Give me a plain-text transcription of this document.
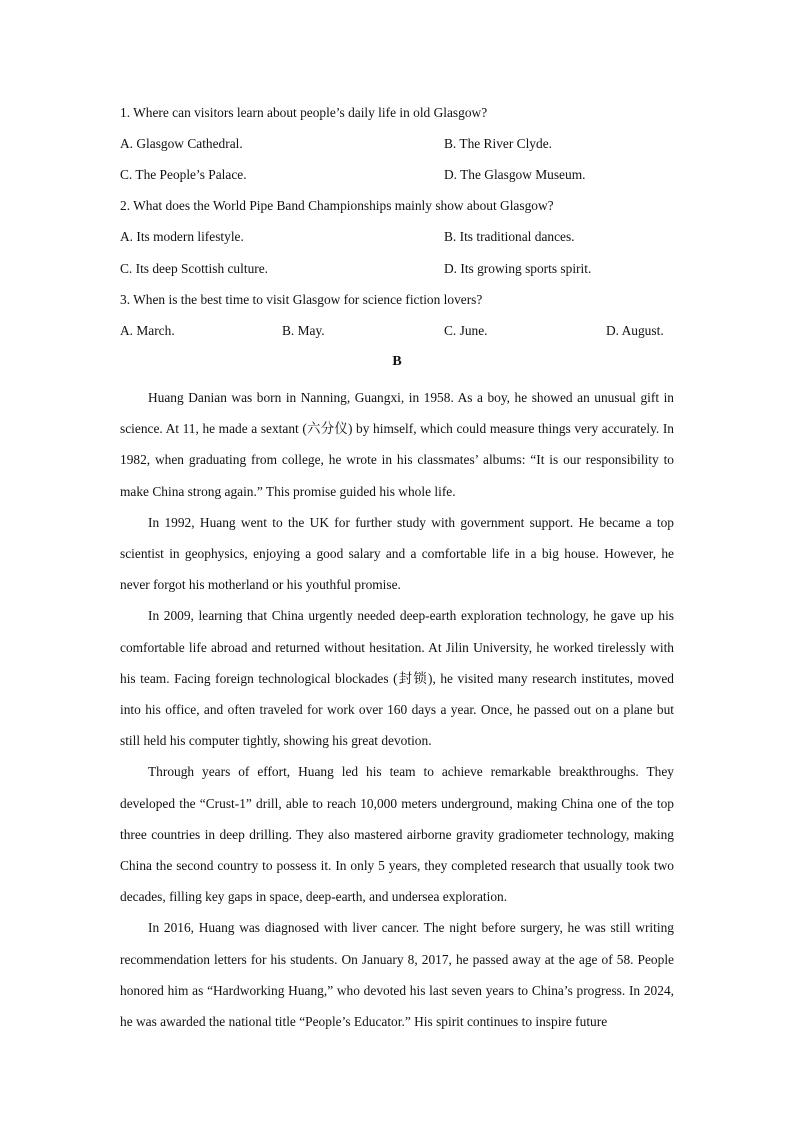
1. Where can visitors learn about people’s daily life in old Glasgow?
A. Glasgow Cathedral.	B. The River Clyde.
C. The People’s Palace.	D. The Glasgow Museum.
2. What does the World Pipe Band Championships mainly show about Glasgow?
A. Its modern lifestyle.	B. Its traditional dances.
C. Its deep Scottish culture.	D. Its growing sports spirit.
3. When is the best time to visit Glasgow for science fiction lovers?
A. March.	B. May.	C. June.	D. August.
B

Huang Danian was born in Nanning, Guangxi, in 1958. As a boy, he showed an unusual gift in science. At 11, he made a sextant (六分仪) by himself, which could measure things very accurately. In 1982, when graduating from college, he wrote in his classmates’ albums: “It is our responsibility to make China strong again.” This promise guided his whole life.

In 1992, Huang went to the UK for further study with government support. He became a top scientist in geophysics, enjoying a good salary and a comfortable life in a big house. However, he never forgot his motherland or his youthful promise.

In 2009, learning that China urgently needed deep-earth exploration technology, he gave up his comfortable life abroad and returned without hesitation. At Jilin University, he worked tirelessly with his team. Facing foreign technological blockades (封锁), he visited many research institutes, moved into his office, and often traveled for work over 160 days a year. Once, he passed out on a plane but still held his computer tightly, showing his great devotion.

Through years of effort, Huang led his team to achieve remarkable breakthroughs. They developed the “Crust-1” drill, able to reach 10,000 meters underground, making China one of the top three countries in deep drilling. They also mastered airborne gravity gradiometer technology, making China the second country to possess it. In only 5 years, they completed research that usually took two decades, filling key gaps in space, deep-earth, and undersea exploration.

In 2016, Huang was diagnosed with liver cancer. The night before surgery, he was still writing recommendation letters for his students. On January 8, 2017, he passed away at the age of 58. People honored him as “Hardworking Huang,” who devoted his last seven years to China’s progress. In 2024, he was awarded the national title “People’s Educator.” His spirit continues to inspire future
